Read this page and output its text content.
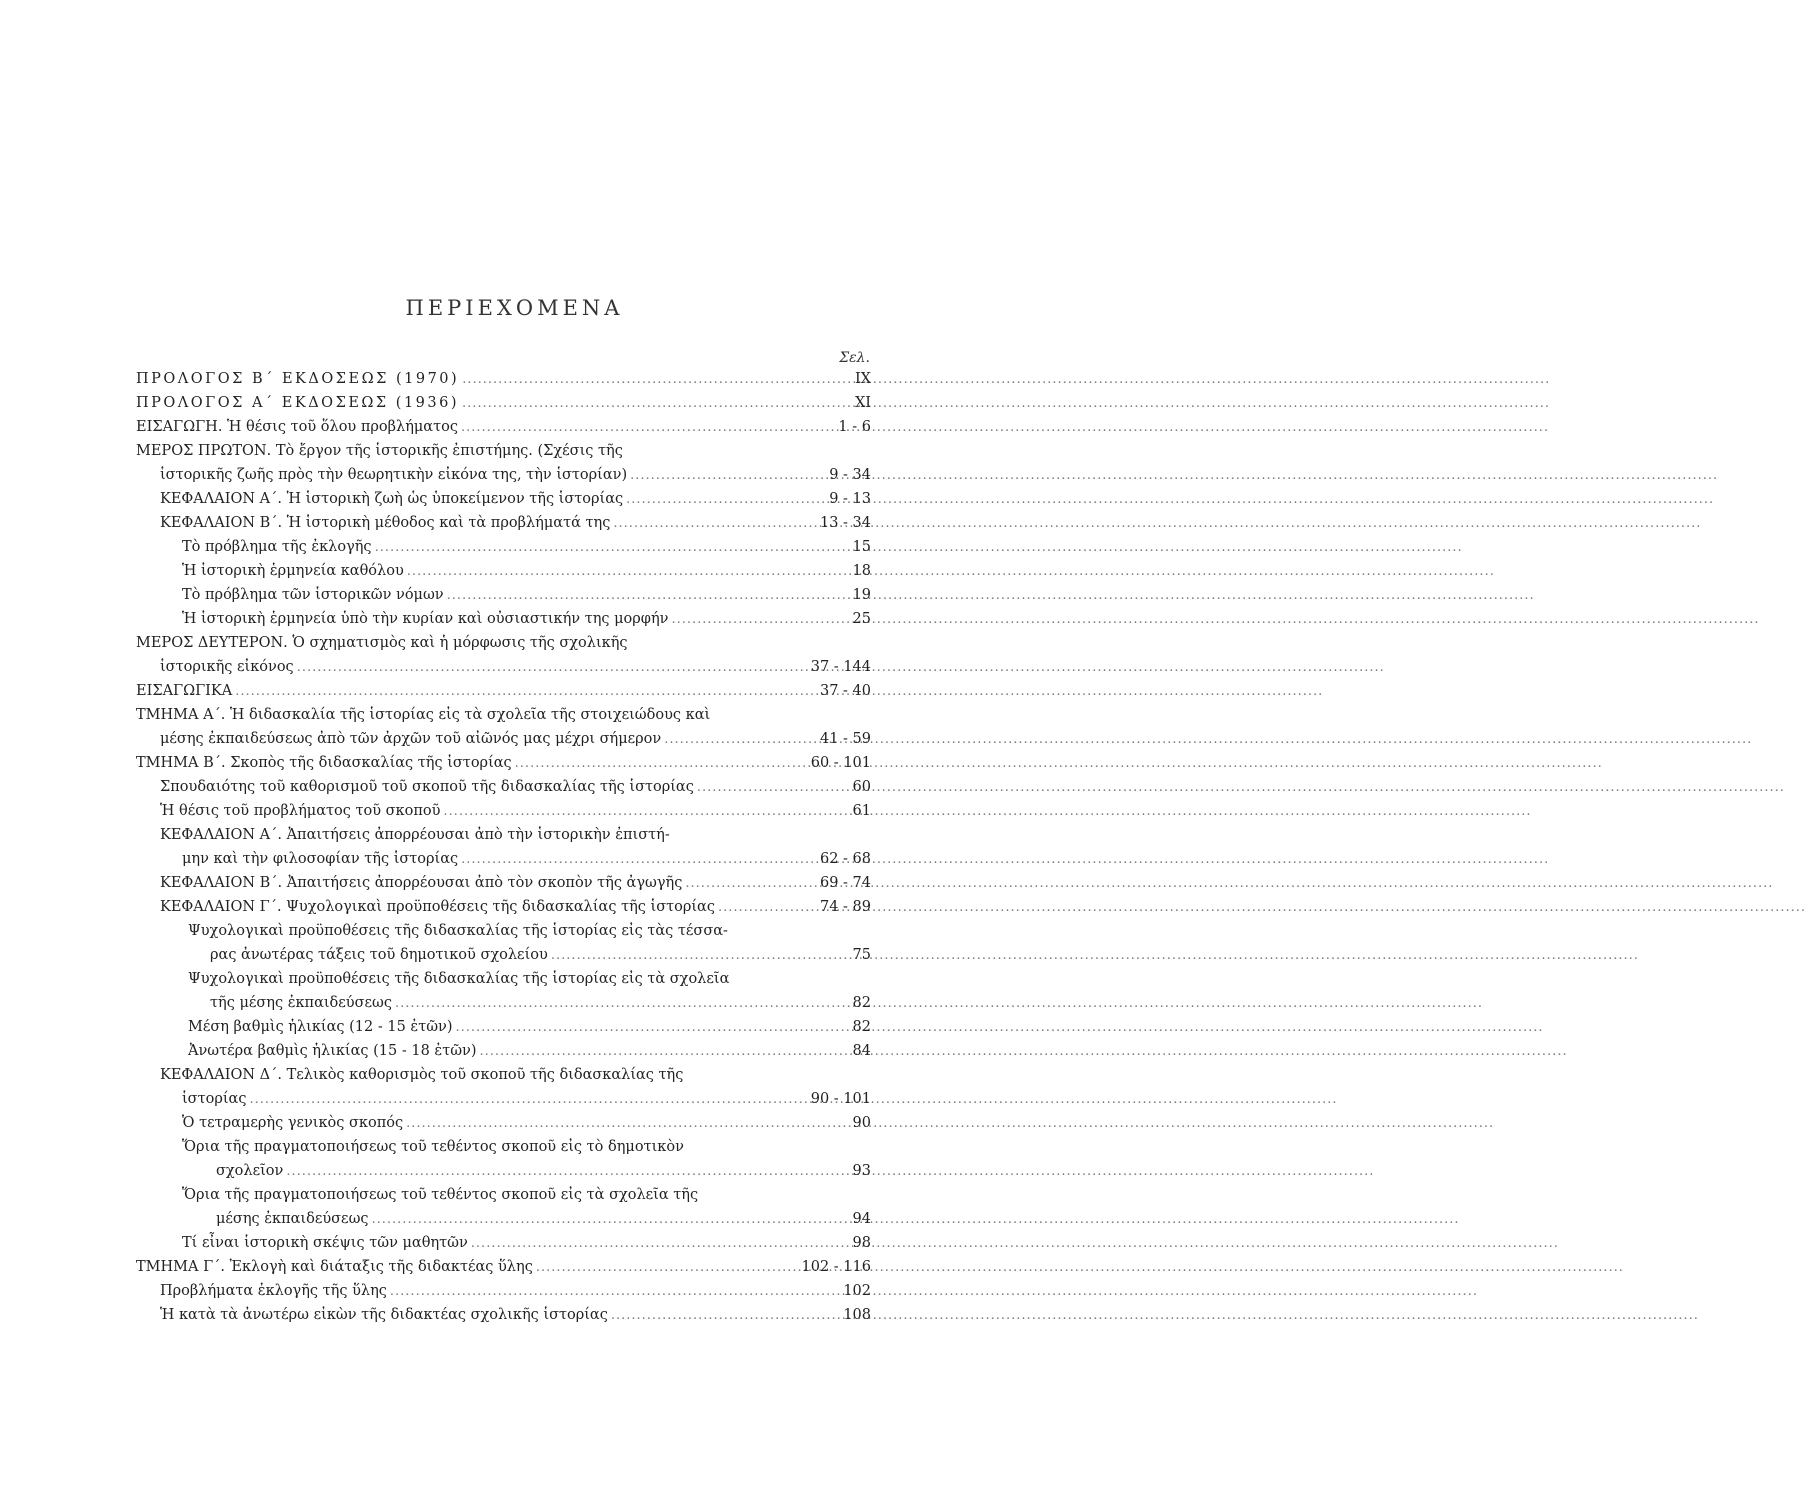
ΠΕΡΙΕΧΟΜΕΝΑ
Σελ.
ΠΡΟΛΟΓΟΣ Β΄ ΕΚΔΟΣΕΩΣ (1970) .....	IX
ΠΡΟΛΟΓΟΣ Α΄ ΕΚΔΟΣΕΩΣ (1936) .....	XI
ΕΙΣΑΓΩΓΗ. Ἡ θέσις τοῦ ὅλου προβλήματος .....	1 - 6
ΜΕΡΟΣ ΠΡΩΤΟΝ. Τὸ ἔργον τῆς ἱστορικῆς ἐπιστήμης. (Σχέσις τῆς
ἱστορικῆς ζωῆς πρὸς τὴν θεωρητικὴν εἰκόνα της, τὴν ἱστορίαν) .....	9 - 34
ΚΕΦΑΛΑΙΟΝ Α΄. Ἡ ἱστορικὴ ζωὴ ὡς ὑποκείμενον τῆς ἱστορίας .....	9 - 13
ΚΕΦΑΛΑΙΟΝ Β΄. Ἡ ἱστορικὴ μέθοδος καὶ τὰ προβλήματά της .....	13 - 34
Τὸ πρόβλημα τῆς ἐκλογῆς .....	15
Ἡ ἱστορικὴ ἑρμηνεία καθόλου .....	18
Τὸ πρόβλημα τῶν ἱστορικῶν νόμων .....	19
Ἡ ἱστορικὴ ἑρμηνεία ὑπὸ τὴν κυρίαν καὶ οὐσιαστικήν της μορφήν .....	25
ΜΕΡΟΣ ΔΕΥΤΕΡΟΝ. Ὁ σχηματισμὸς καὶ ἡ μόρφωσις τῆς σχολικῆς
ἱστορικῆς εἰκόνος .....	37 - 144
ΕΙΣΑΓΩΓΙΚΑ .....	37 - 40
ΤΜΗΜΑ Α΄. Ἡ διδασκαλία τῆς ἱστορίας εἰς τὰ σχολεῖα τῆς στοιχειώδους καὶ
μέσης ἐκπαιδεύσεως ἀπὸ τῶν ἀρχῶν τοῦ αἰῶνός μας μέχρι σήμερον .....	41 - 59
ΤΜΗΜΑ Β΄. Σκοπὸς τῆς διδασκαλίας τῆς ἱστορίας .....	60 - 101
Σπουδαιότης τοῦ καθορισμοῦ τοῦ σκοποῦ τῆς διδασκαλίας τῆς ἱστορίας .....	60
Ἡ θέσις τοῦ προβλήματος τοῦ σκοποῦ .....	61
ΚΕΦΑΛΑΙΟΝ Α΄. Ἀπαιτήσεις ἀπορρέουσαι ἀπὸ τὴν ἱστορικὴν ἐπιστή-
μην καὶ τὴν φιλοσοφίαν τῆς ἱστορίας .....	62 - 68
ΚΕΦΑΛΑΙΟΝ Β΄. Ἀπαιτήσεις ἀπορρέουσαι ἀπὸ τὸν σκοπὸν τῆς ἀγωγῆς .....	69 - 74
ΚΕΦΑΛΑΙΟΝ Γ΄. Ψυχολογικαὶ προϋποθέσεις τῆς διδασκαλίας τῆς ἱστορίας .....	74 - 89
Ψυχολογικαὶ προϋποθέσεις τῆς διδασκαλίας τῆς ἱστορίας εἰς τὰς τέσσα-
ρας ἀνωτέρας τάξεις τοῦ δημοτικοῦ σχολείου .....	75
Ψυχολογικαὶ προϋποθέσεις τῆς διδασκαλίας τῆς ἱστορίας εἰς τὰ σχολεῖα
τῆς μέσης ἐκπαιδεύσεως .....	82
Μέση βαθμὶς ἡλικίας (12 - 15 ἐτῶν) .....	82
Ἀνωτέρα βαθμὶς ἡλικίας (15 - 18 ἐτῶν) .....	84
ΚΕΦΑΛΑΙΟΝ Δ΄. Τελικὸς καθορισμὸς τοῦ σκοποῦ τῆς διδασκαλίας τῆς
ἱστορίας .....	90 - 101
Ὁ τετραμερὴς γενικὸς σκοπός .....	90
Ὅρια τῆς πραγματοποιήσεως τοῦ τεθέντος σκοποῦ εἰς τὸ δημοτικὸν
σχολεῖον .....	93
Ὅρια τῆς πραγματοποιήσεως τοῦ τεθέντος σκοποῦ εἰς τὰ σχολεῖα τῆς
μέσης ἐκπαιδεύσεως .....	94
Τί εἶναι ἱστορικὴ σκέψις τῶν μαθητῶν .....	98
ΤΜΗΜΑ Γ΄. Ἐκλογὴ καὶ διάταξις τῆς διδακτέας ὕλης .....	102 - 116
Προβλήματα ἐκλογῆς τῆς ὕλης .....	102
Ἡ κατὰ τὰ ἀνωτέρω εἰκὼν τῆς διδακτέας σχολικῆς ἱστορίας .....	108
